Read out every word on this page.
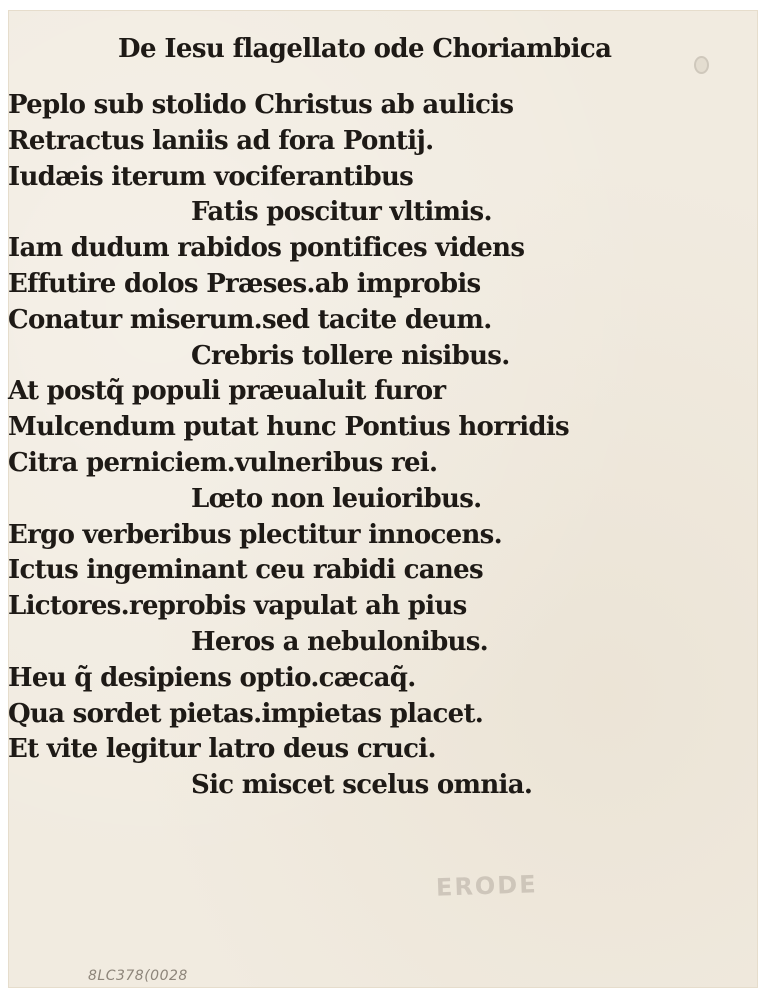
De Iesu flagellato ode Choriambica
Peplo sub stolido Christus ab aulicis
Retractus laniis ad fora Pontij.
Iudæis iterum vociferantibus
Fatis poscitur vltimis.
Iam dudum rabidos pontifices videns
Effutire dolos Præses.ab improbis
Conatur miserum.sed tacite deum.
Crebris tollere nisibus.
At postq̃ populi præualuit furor
Mulcendum putat hunc Pontius horridis
Citra perniciem.vulneribus rei.
Lœto non leuioribus.
Ergo verberibus plectitur innocens.
Ictus ingeminant ceu rabidi canes
Lictores.reprobis vapulat ah pius
Heros a nebulonibus.
Heu q̃ desipiens optio.cæcaq̃.
Qua sordet pietas.impietas placet.
Et vite legitur latro deus cruci.
Sic miscet scelus omnia.
ERODE
8LC378(0028
